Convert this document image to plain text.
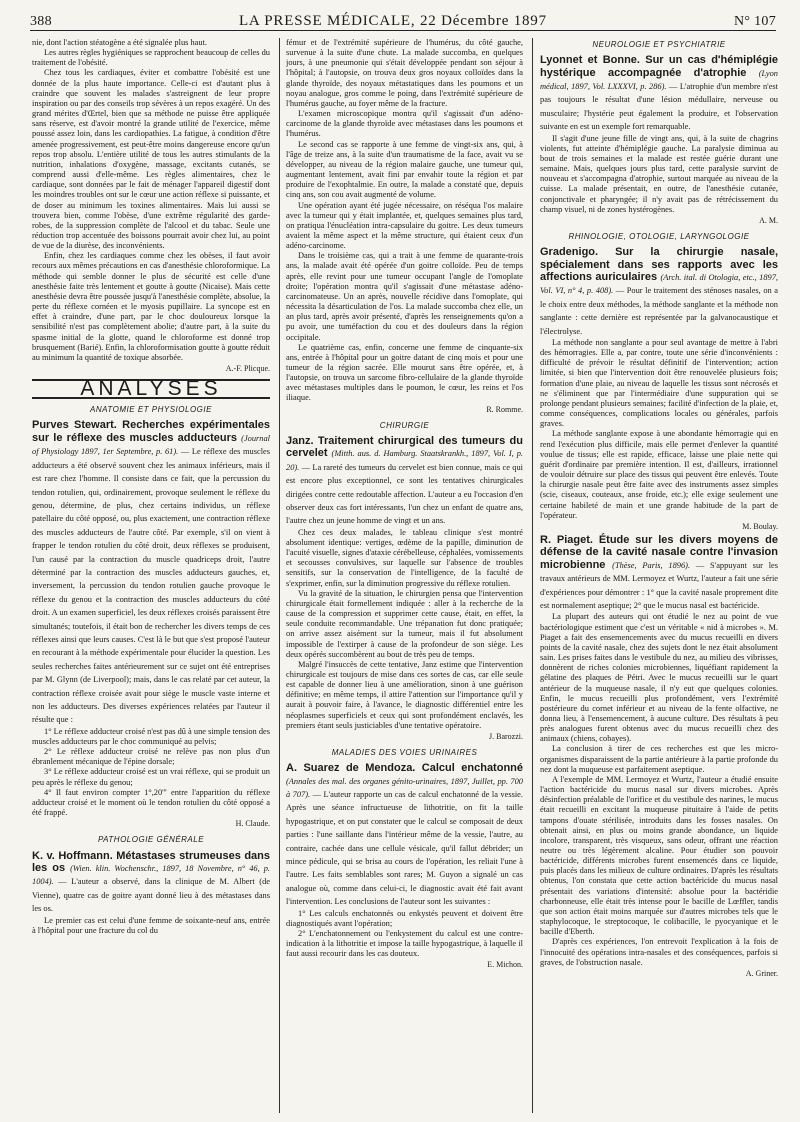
388	LA PRESSE MÉDICALE, 22 Décembre 1897	N° 107

nie, dont l'action stéatogène a été signalée plus haut.

Les autres règles hygiéniques se rapprochent beaucoup de celles du traitement de l'obésité.

Chez tous les cardiaques, éviter et combattre l'obésité est une donnée de la plus haute importance. Celle-ci est d'autant plus à craindre que souvent les malades s'astreignent de leur propre inspiration ou par des conseils trop sévères à un repos exagéré. Un des grand mérites d'Œrtel, bien que sa méthode ne puisse être appliquée sans réserve, est d'avoir montré la grande utilité de l'exercice, même poussé assez loin, dans les cardiopathies. La fatigue, à condition d'être amenée progressivement, est peut-être moins dangereuse encore qu'un repos trop absolu. L'entière utilité de tous les autres stimulants de la nutrition, inhalations d'oxygène, massage, excitants cutanés, se comprend aussi d'elle-même. Les règles alimentaires, chez le cardiaque, sont données par le fait de ménager l'appareil digestif dont les moindres troubles ont sur le cœur une action réflexe si puissante, et de doser au minimum les toxines alimentaires. Mais lui aussi se trouvera bien, comme l'obèse, d'une extrême régularité des garde-robes, de la suppression complète de l'alcool et du tabac. Seule une réduction trop accentuée des boissons pourrait avoir chez lui, au point de vue de la diurèse, des inconvénients.

Enfin, chez les cardiaques comme chez les obèses, il faut avoir recours aux mêmes précautions en cas d'anesthésie chloroformique. La méthode qui semble donner le plus de sécurité est celle d'une anesthésie faite très lentement et goutte à goutte (Nicaise). Mais cette anesthésie devra être poussée jusqu'à l'anesthésie complète, absolue, la perte du réflexe cornéen et le myosis pupillaire. La syncope est en effet à craindre, d'une part, par le choc douloureux lorsque la sensibilité n'est pas complètement abolie; d'autre part, à la suite du spasme initial de la glotte, quand le chloroforme est donné trop brusquement (Barié). Enfin, la chloroformisation goutte à goutte réduit au minimum la quantité de toxique absorbée.

A.-F. Plicque.

ANALYSES
ANATOMIE ET PHYSIOLOGIE

Purves Stewart. Recherches expérimentales sur le réflexe des muscles adducteurs (Journal of Physiology 1897, 1er Septembre, p. 61). — Le réflexe des muscles adducteurs a été observé souvent chez les animaux inférieurs, mais il est rare chez l'homme. Il consiste dans ce fait, que la percussion du tendon rotulien, qui, ordinairement, provoque seulement le réflexe du genou, détermine, de plus, chez certains individus, un réflexe patellaire du côté opposé, ou, plus exactement, une contraction réflexe des muscles adducteurs de l'autre côté. Par exemple, s'il on vient à frapper le tendon rotulien du côté droit, deux réflexes se produisent, l'un causé par la contraction du muscle quadriceps droit, l'autre déterminé par la contraction des muscles adducteurs gauches, et, inversement, la percussion du tendon rotulien gauche provoque le réflexe du genou et la contraction des muscles adducteurs du côté droit. A un examen superficiel, les deux réflexes croisés paraissent être simultanés; toutefois, il était bon de rechercher les divers temps de ces réflexes ainsi que leurs causes. C'est là le but que s'est proposé l'auteur en recourant à la méthode expérimentale pour élucider la question. Les seules recherches faites antérieurement sur ce sujet ont été entreprises par M. Glynn (de Liverpool); mais, dans le cas relaté par cet auteur, la contraction réflexe croisée avait pour siège le muscle vaste interne et non les adducteurs. Des diverses expériences relatées par l'auteur il résulte que :

1° Le réflexe adducteur croisé n'est pas dû à une simple tension des muscles adducteurs par le choc communiqué au pelvis;

2° Le réflexe adducteur croisé ne relève pas non plus d'un ébranlement mécanique de l'épine dorsale;

3° Le réflexe adducteur croisé est un vrai réflexe, qui se produit un peu après le réflexe du genou;

4° Il faut environ compter 1°,20''' entre l'apparition du réflexe adducteur croisé et le moment où le tendon rotulien du côté opposé a été frappé.

H. Claude.

PATHOLOGIE GÉNÉRALE

K. v. Hoffmann. Métastases strumeuses dans les os (Wien. klin. Wochenschr., 1897, 18 Novembre, n° 46, p. 1004). — L'auteur a observé, dans la clinique de M. Albert (de Vienne), quatre cas de goitre ayant donné lieu à des métastases dans les os.

Le premier cas est celui d'une femme de soixante-neuf ans, entrée à l'hôpital pour une fracture du col du

fémur et de l'extrémité supérieure de l'humérus, du côté gauche, survenue à la suite d'une chute. La malade succomba, en quelques jours, à une pneumonie qui s'était développée pendant son séjour à l'hôpital; à l'autopsie, on trouva deux gros noyaux colloïdes dans la glande thyroïde, des noyaux métastatiques dans les poumons et un noyau analogue, gros comme le poing, dans l'extrémité supérieure de l'humérus gauche, au foyer même de la fracture.

L'examen microscopique montra qu'il s'agissait d'un adéno-carcinome de la glande thyroïde avec métastases dans les poumons et l'humérus.

Le second cas se rapporte à une femme de vingt-six ans, qui, à l'âge de treize ans, à la suite d'un traumatisme de la face, avait vu se développer, au niveau de la région malaire gauche, une tumeur qui, augmentant lentement, avait fini par envahir toute la région et par produire de l'exophtalmie. En outre, la malade a constaté que, depuis cinq ans, son cou avait augmenté de volume.

Une opération ayant été jugée nécessaire, on réséqua l'os malaire avec la tumeur qui y était implantée, et, quelques semaines plus tard, on pratiqua l'énucléation intra-capsulaire du goitre. Les deux tumeurs avaient la même aspect et la même structure, qui étaient ceux d'un adéno-carcinome.

Dans le troisième cas, qui a trait à une femme de quarante-trois ans, la malade avait été opérée d'un goitre colloïde. Peu de temps après, elle revint pour une tumeur occupant l'angle de l'omoplate droite; l'opération montra qu'il s'agissait d'une métastase adéno-carcinomateuse. Un an après, nouvelle récidive dans l'omoplate, qui nécessita la désarticulation de l'os. La malade succomba chez elle, un an plus tard, après avoir présenté, d'après les renseignements qu'on a pu avoir, une tuméfaction du cou et des douleurs dans la région occipitale.

Le quatrième cas, enfin, concerne une femme de cinquante-six ans, entrée à l'hôpital pour un goitre datant de cinq mois et pour une tumeur de la région sacrée. Elle mourut sans être opérée, et, à l'autopsie, on trouva un sarcome fibro-cellulaire de la glande thyroïde avec métastases multiples dans le poumon, le cœur, les reins et l'os iliaque.

R. Romme.

CHIRURGIE

Janz. Traitement chirurgical des tumeurs du cervelet (Mitth. aus. d. Hamburg. Staatskrankh., 1897, Vol. I, p. 20). — La rareté des tumeurs du cervelet est bien connue, mais ce qui est encore plus exceptionnel, ce sont les tentatives chirurgicales dirigées contre cette redoutable affection. L'auteur a eu l'occasion d'en observer deux cas fort intéressants, l'un chez un enfant de quatre ans, l'autre chez un jeune homme de vingt et un ans.

Chez ces deux malades, le tableau clinique s'est montré absolument identique: vertiges, œdème de la papille, diminution de l'acuité visuelle, signes d'ataxie cérébelleuse, céphalées, vomissements et secousses convulsives, sur laquelle sur l'absence de troubles sensitifs, sur la conservation de l'intelligence, de la faculté de s'exprimer, enfin, sur la diminution progressive du réflexe rotulien.

Vu la gravité de la situation, le chirurgien pensa que l'intervention chirurgicale était formellement indiquée : aller à la recherche de la cause de la compression et supprimer cette cause, était, en effet, la seule conduite recommandable. Une trépanation fut donc pratiquée; on arrive assez aisément sur la tumeur, mais il fut absolument impossible de l'extirper à cause de la profondeur de son siège. Les deux opérés succombèrent au bout de très peu de temps.

Malgré l'insuccès de cette tentative, Janz estime que l'intervention chirurgicale est toujours de mise dans ces sortes de cas, car elle seule est capable de donner lieu à une amélioration, sinon à une guérison définitive; en même temps, il attire l'attention sur l'importance qu'il y aurait à pouvoir faire, à l'avance, le diagnostic différentiel entre les néoplasmes superficiels et ceux qui sont profondément enclavés, les premiers étant seuls justiciables d'une tentative opératoire.

J. Barozzi.

MALADIES DES VOIES URINAIRES

A. Suarez de Mendoza. Calcul enchatonné (Annales des mal. des organes génito-urinaires, 1897, Juillet, pp. 700 à 707). — L'auteur rapporte un cas de calcul enchatonné de la vessie. Après une séance infructueuse de lithotritie, on fit la taille hypogastrique, et on put constater que le calcul se composait de deux parties : l'une saillante dans l'intérieur même de la vessie, l'autre, au contraire, cachée dans une cellule vésicale, qu'il fallut débrider; un mince pédicule, qui se brisa au cours de l'opération, les reliait l'une à l'autre. Les faits semblables sont rares; M. Guyon a signalé un cas analogue où, comme dans celui-ci, le diagnostic avait été fait avant l'intervention. Les conclusions de l'auteur sont les suivantes :

1° Les calculs enchatonnés ou enkystés peuvent et doivent être diagnostiqués avant l'opération;

2° L'enchatonnement ou l'enkystement du calcul est une contre-indication à la lithotritie et impose la taille hypogastrique, à laquelle il faut aussi recourir dans les cas douteux.

E. Michon.

NEUROLOGIE ET PSYCHIATRIE

Lyonnet et Bonne. Sur un cas d'hémiplégie hystérique accompagnée d'atrophie (Lyon médical, 1897, Vol. LXXXVI, p. 286). — L'atrophie d'un membre n'est pas toujours le résultat d'une lésion médullaire, nerveuse ou musculaire; l'hystérie peut également la produire, et l'observation suivante en est un exemple fort remarquable.

Il s'agit d'une jeune fille de vingt ans, qui, à la suite de chagrins violents, fut atteinte d'hémiplégie gauche. La paralysie diminua au bout de trois semaines et la malade est restée guérie durant une semaine. Mais, quelques jours plus tard, cette paralysie survint de nouveau et s'accompagna d'atrophie, surtout marquée au niveau de la cuisse. La malade présentait, en outre, de l'anesthésie cutanée, conjonctivale et pharyngée; il n'y avait pas de rétrécissement du champ visuel, ni de zones hystérogènes.

A. M.

RHINOLOGIE, OTOLOGIE, LARYNGOLOGIE

Gradenigo. Sur la chirurgie nasale, spécialement dans ses rapports avec les affections auriculaires (Arch. ital. di Otologia, etc., 1897, Vol. VI, n° 4, p. 408). — Pour le traitement des sténoses nasales, on a le choix entre deux méthodes, la méthode sanglante et la méthode non sanglante : cette dernière est représentée par la galvanocaustique et l'électrolyse.

La méthode non sanglante a pour seul avantage de mettre à l'abri des hémorragies. Elle a, par contre, toute une série d'inconvénients : difficulté de prévoir le résultat définitif de l'intervention; action limitée, si bien que l'intervention doit être renouvelée plusieurs fois; formation d'une plaie, au niveau de laquelle les tissus sont nécrosés et ne s'éliminent que par l'intermédiaire d'une suppuration qui se prolonge pendant plusieurs semaines; facilité d'infection de la plaie, et, comme conséquences, complications locales ou générales, parfois graves.

La méthode sanglante expose à une abondante hémorragie qui en rend l'exécution plus difficile, mais elle permet d'enlever la quantité voulue de tissus; elle est rapide, efficace, laisse une plaie nette qui guérit d'ordinaire par première intention. Il est, d'ailleurs, irrationnel de vouloir détruire sur place des tissus qui peuvent être enlevés. Toute la chirurgie nasale peut être faite avec des instruments assez simples (scie, ciseaux, couteaux, anse froide, etc.); elle exige seulement une certaine habileté de main et une grande habitude de la part de l'opérateur.

M. Boulay.

R. Piaget. Étude sur les divers moyens de défense de la cavité nasale contre l'invasion microbienne (Thèse, Paris, 1896). — S'appuyant sur les travaux antérieurs de MM. Lermoyez et Wurtz, l'auteur a fait une série d'expériences pour démontrer : 1° que la cavité nasale proprement dite est normalement aseptique; 2° que le mucus nasal est bactéricide.

La plupart des auteurs qui ont étudié le nez au point de vue bactériologique estiment que c'est un véritable « nid à microbes ». M. Piaget a fait des ensemencements avec du mucus recueilli en divers points de la cavité nasale, chez des sujets dont le nez était absolument sain. Les prises faites dans le vestibule du nez, au milieu des vibrisses, donnèrent de riches colonies microbiennes, liquéfiant rapidement la gélatine des plaques de Pétri. Avec le mucus recueilli sur le quart antérieur de la muqueuse nasale, il n'y eut que quelques colonies. Enfin, le mucus recueilli plus profondément, vers l'extrémité postérieure du cornet inférieur et au niveau de la fente olfactive, ne donna lieu, à l'ensemencement, à aucune culture. Des résultats à peu près analogues furent obtenus avec du mucus recueilli chez des animaux (chiens, cobayes).

La conclusion à tirer de ces recherches est que les micro-organismes disparaissent de la partie antérieure à la partie profonde du nez dont la muqueuse est parfaitement aseptique.

A l'exemple de MM. Lermoyez et Wurtz, l'auteur a étudié ensuite l'action bactéricide du mucus nasal sur divers microbes. Après désinfection préalable de l'orifice et du vestibule des narines, le mucus était recueilli en excitant la muqueuse pituitaire à l'aide de petits tampons d'ouate stérilisée, introduits dans les fosses nasales. On obtenait ainsi, en plus ou moins grande abondance, un liquide incolore, transparent, très visqueux, sans odeur, offrant une réaction neutre ou très légèrement alcaline. Pour étudier son pouvoir bactéricide, différents microbes furent ensemencés dans ce liquide, puis placés dans les milieux de culture ordinaires. D'après les résultats obtenus, l'on constata que cette action bactéricide du mucus nasal présentait des variations d'intensité: absolue pour la bactéridie charbonneuse, elle était très intense pour le bacille de Lœffler, tandis que son action était moins marquée sur d'autres microbes tels que le staphylocoque, le streptocoque, le colibacille, le pyocyanique et le bacille d'Eberth.

D'après ces expériences, l'on entrevoit l'explication à la fois de l'innocuité des opérations intra-nasales et des conséquences, parfois si graves, de l'obstruction nasale.

A. Griner.
